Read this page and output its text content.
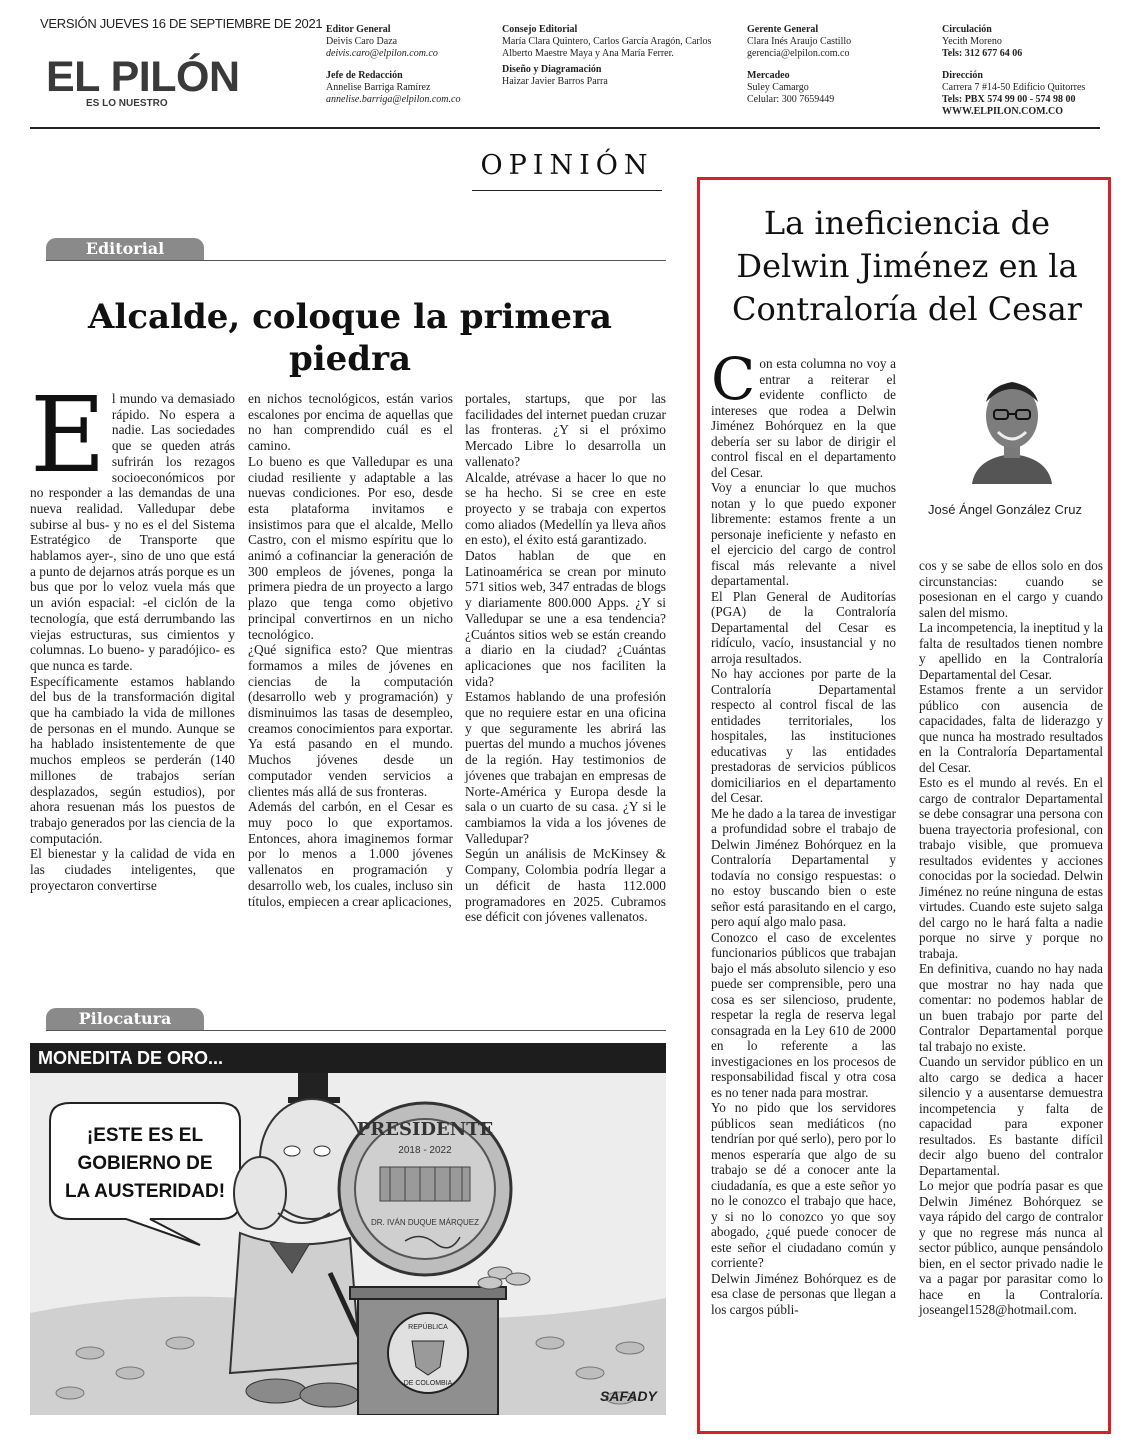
VERSIÓN JUEVES 16 DE SEPTIEMBRE DE 2021
EL PILÓN
ES LO NUESTRO
Editor General
Deivis Caro Daza
deivis.caro@elpilon.com.co
Jefe de Redacción
Annelise Barriga Ramírez
annelise.barriga@elpilon.com.co
Consejo Editorial
María Clara Quintero, Carlos García Aragón, Carlos Alberto Maestre Maya y Ana María Ferrer.
Diseño y Diagramación
Haizar Javier Barros Parra
Gerente General
Clara Inés Araujo Castillo
gerencia@elpilon.com.co
Mercadeo
Suley Camargo
Celular: 300 7659449
Circulación
Yecith Moreno
Tels: 312 677 64 06
Dirección
Carrera 7 #14-50 Edificio Quitorres
Tels: PBX 574 99 00 - 574 98 00
WWW.ELPILON.COM.CO
OPINIÓN
Editorial
Alcalde, coloque la primera piedra
E l mundo va demasiado rápido. No espera a nadie. Las sociedades que se queden atrás sufrirán los rezagos socioeconómicos por no responder a las demandas de una nueva realidad. Valledupar debe subirse al bus- y no es el del Sistema Estratégico de Transporte que hablamos ayer-, sino de uno que está a punto de dejarnos atrás porque es un bus que por lo veloz vuela más que un avión espacial: -el ciclón de la tecnología, que está derrumbando las viejas estructuras, sus cimientos y columnas. Lo bueno- y paradójico- es que nunca es tarde.

Específicamente estamos hablando del bus de la transformación digital que ha cambiado la vida de millones de personas en el mundo. Aunque se ha hablado insistentemente de que muchos empleos se perderán (140 millones de trabajos serían desplazados, según estudios), por ahora resuenan más los puestos de trabajo generados por las ciencia de la computación.

El bienestar y la calidad de vida en las ciudades inteligentes, que proyectaron convertirse

en nichos tecnológicos, están varios escalones por encima de aquellas que no han comprendido cuál es el camino.

Lo bueno es que Valledupar es una ciudad resiliente y adaptable a las nuevas condiciones. Por eso, desde esta plataforma invitamos e insistimos para que el alcalde, Mello Castro, con el mismo espíritu que lo animó a cofinanciar la generación de 300 empleos de jóvenes, ponga la primera piedra de un proyecto a largo plazo que tenga como objetivo principal convertirnos en un nicho tecnológico.

¿Qué significa esto? Que mientras formamos a miles de jóvenes en ciencias de la computación (desarrollo web y programación) y disminuimos las tasas de desempleo, creamos conocimientos para exportar. Ya está pasando en el mundo. Muchos jóvenes desde un computador venden servicios a clientes más allá de sus fronteras.

Además del carbón, en el Cesar es muy poco lo que exportamos. Entonces, ahora imaginemos formar por lo menos a 1.000 jóvenes vallenatos en programación y desarrollo web, los cuales, incluso sin títulos, empiecen a crear aplicaciones,

portales, startups, que por las facilidades del internet puedan cruzar las fronteras. ¿Y si el próximo Mercado Libre lo desarrolla un vallenato?

Alcalde, atrévase a hacer lo que no se ha hecho. Si se cree en este proyecto y se trabaja con expertos como aliados (Medellín ya lleva años en esto), el éxito está garantizado.

Datos hablan de que en Latinoamérica se crean por minuto 571 sitios web, 347 entradas de blogs y diariamente 800.000 Apps. ¿Y si Valledupar se une a esa tendencia? ¿Cuántos sitios web se están creando a diario en la ciudad? ¿Cuántas aplicaciones que nos faciliten la vida?

Estamos hablando de una profesión que no requiere estar en una oficina y que seguramente les abrirá las puertas del mundo a muchos jóvenes de la región. Hay testimonios de jóvenes que trabajan en empresas de Norte-América y Europa desde la sala o un cuarto de su casa. ¿Y si le cambiamos la vida a los jóvenes de Valledupar?

Según un análisis de McKinsey & Company, Colombia podría llegar a un déficit de hasta 112.000 programadores en 2025. Cubramos ese déficit con jóvenes vallenatos.

Pilocatura
MONEDITA DE ORO...
¡ESTE ES EL
GOBIERNO DE
LA AUSTERIDAD!
PRESIDENTE
2018 - 2022
DR. IVÁN DUQUE MÁRQUEZ
REPÚBLICA
DE COLOMBIA
SAFADY
La ineficiencia de Delwin Jiménez en la Contraloría del Cesar
José Ángel González Cruz
C on esta columna no voy a entrar a reiterar el evidente conflicto de intereses que rodea a Delwin Jiménez Bohórquez en la que debería ser su labor de dirigir el control fiscal en el departamento del Cesar.

Voy a enunciar lo que muchos notan y lo que puedo exponer libremente: estamos frente a un personaje ineficiente y nefasto en el ejercicio del cargo de control fiscal más relevante a nivel departamental.

El Plan General de Auditorías (PGA) de la Contraloría Departamental del Cesar es ridículo, vacío, insustancial y no arroja resultados.

No hay acciones por parte de la Contraloría Departamental respecto al control fiscal de las entidades territoriales, los hospitales, las instituciones educativas y las entidades prestadoras de servicios públicos domiciliarios en el departamento del Cesar.

Me he dado a la tarea de investigar a profundidad sobre el trabajo de Delwin Jiménez Bohórquez en la Contraloría Departamental y todavía no consigo respuestas: o no estoy buscando bien o este señor está parasitando en el cargo, pero aquí algo malo pasa.

Conozco el caso de excelentes funcionarios públicos que trabajan bajo el más absoluto silencio y eso puede ser comprensible, pero una cosa es ser silencioso, prudente, respetar la regla de reserva legal consagrada en la Ley 610 de 2000 en lo referente a las investigaciones en los procesos de responsabilidad fiscal y otra cosa es no tener nada para mostrar.

Yo no pido que los servidores públicos sean mediáticos (no tendrían por qué serlo), pero por lo menos esperaría que algo de su trabajo se dé a conocer ante la ciudadanía, es que a este señor yo no le conozco el trabajo que hace, y si no lo conozco yo que soy abogado, ¿qué puede conocer de este señor el ciudadano común y corriente?

Delwin Jiménez Bohórquez es de esa clase de personas que llegan a los cargos públi-

cos y se sabe de ellos solo en dos circunstancias: cuando se posesionan en el cargo y cuando salen del mismo.

La incompetencia, la ineptitud y la falta de resultados tienen nombre y apellido en la Contraloría Departamental del Cesar.

Estamos frente a un servidor público con ausencia de capacidades, falta de liderazgo y que nunca ha mostrado resultados en la Contraloría Departamental del Cesar.

Esto es el mundo al revés. En el cargo de contralor Departamental se debe consagrar una persona con buena trayectoria profesional, con trabajo visible, que promueva resultados evidentes y acciones conocidas por la sociedad. Delwin Jiménez no reúne ninguna de estas virtudes. Cuando este sujeto salga del cargo no le hará falta a nadie porque no sirve y porque no trabaja.

En definitiva, cuando no hay nada que mostrar no hay nada que comentar: no podemos hablar de un buen trabajo por parte del Contralor Departamental porque tal trabajo no existe.

Cuando un servidor público en un alto cargo se dedica a hacer silencio y a ausentarse demuestra incompetencia y falta de capacidad para exponer resultados. Es bastante difícil decir algo bueno del contralor Departamental.

Lo mejor que podría pasar es que Delwin Jiménez Bohórquez se vaya rápido del cargo de contralor y que no regrese más nunca al sector público, aunque pensándolo bien, en el sector privado nadie le va a pagar por parasitar como lo hace en la Contraloría. joseangel1528@hotmail.com.
